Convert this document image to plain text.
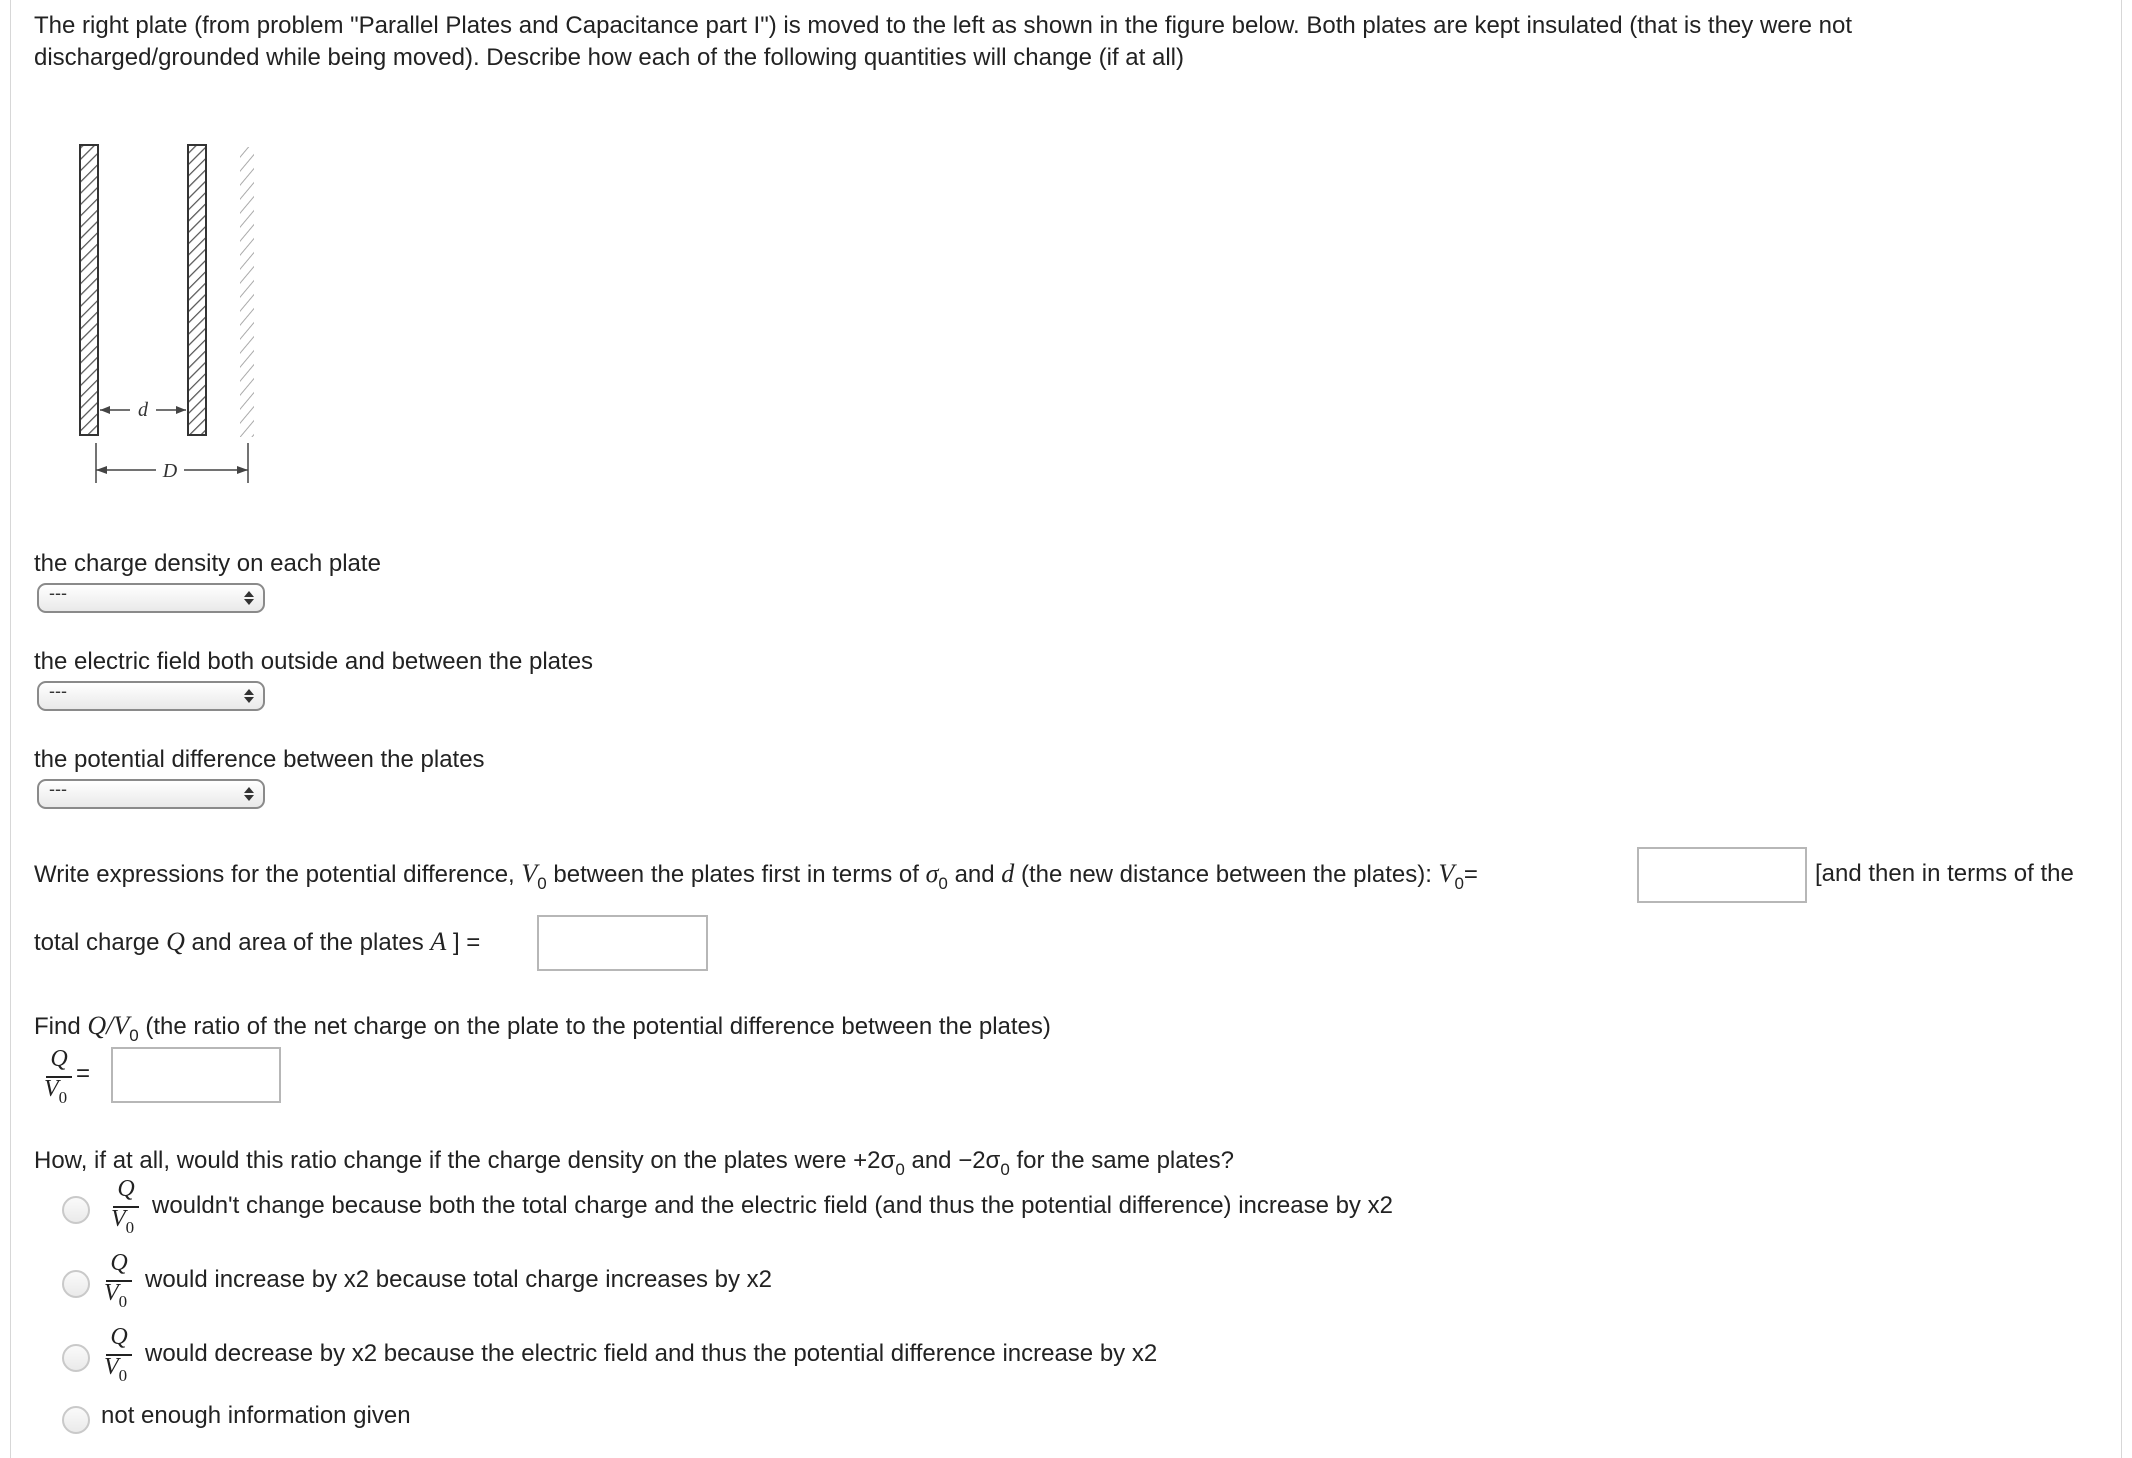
The right plate (from problem "Parallel Plates and Capacitance part I") is moved to the left as shown in the figure below. Both plates are kept insulated (that is they were not
discharged/grounded while being moved). Describe how each of the following quantities will change (if at all)
d
D
the charge density on each plate
---
the electric field both outside and between the plates
---
the potential difference between the plates
---
Write expressions for the potential difference, $V_0$ between the plates first in terms of $\sigma_0$ and d (the new distance between the plates): $V_0=$	[and then in terms of the
total charge Q and area of the plates A ] =
Find $Q/V_0$ (the ratio of the net charge on the plate to the potential difference between the plates)
Q
$V_0$
=
How, if at all, would this ratio change if the charge density on the plates were $+2\sigma_0$ and $-2\sigma_0$ for the same plates?
Q
$V_0$
wouldn't change because both the total charge and the electric field (and thus the potential difference) increase by x2
Q
$V_0$
would increase by x2 because total charge increases by x2
Q
$V_0$
would decrease by x2 because the electric field and thus the potential difference increase by x2
not enough information given
